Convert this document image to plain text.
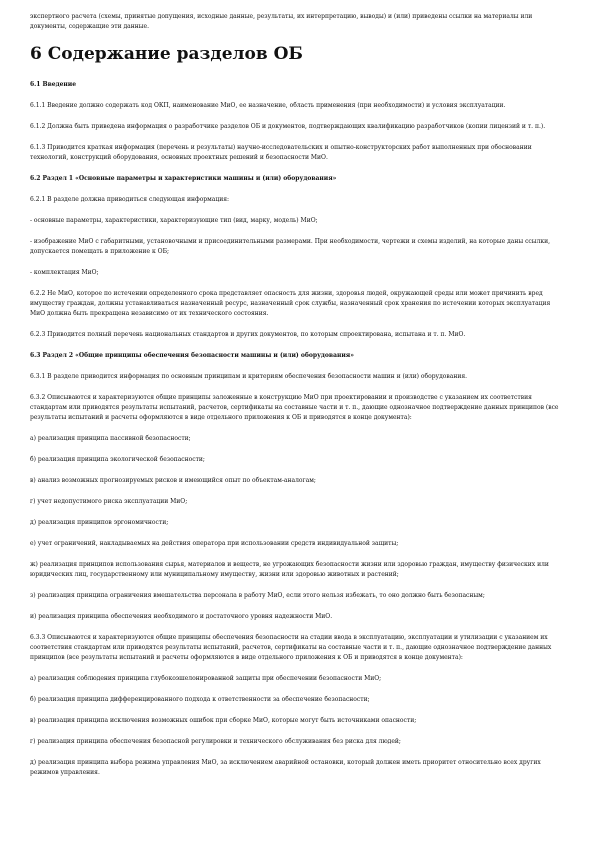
экспертного расчета (схемы, принятые допущения, исходные данные, результаты, их интерпретацию, выводы) и (или) приведены ссылки на материалы или документы, содержащие эти данные.

6 Содержание разделов ОБ

6.1 Введение

6.1.1 Введение должно содержать код ОКП, наименование МиО, ее назначение, область применения (при необходимости) и условия эксплуатации.

6.1.2 Должна быть приведена информация о разработчике разделов ОБ и документов, подтверждающих квалификацию разработчиков (копии лицензий и т. п.).

6.1.3 Приводится краткая информация (перечень и результаты) научно-исследовательских и опытно-конструкторских работ выполненных при обосновании технологий, конструкций оборудования, основных проектных решений и безопасности МиО.

6.2 Раздел 1 «Основные параметры и характеристики машины и (или) оборудования»

6.2.1 В разделе должна приводиться следующая информация:

- основные параметры, характеристики, характеризующие тип (вид, марку, модель) МиО;

- изображение МиО с габаритными, установочными и присоединительными размерами. При необходимости, чертежи и схемы изделий, на которые даны ссылки, допускается помещать в приложение к ОБ;

- комплектация МиО;

6.2.2 Не МиО, которое по истечении определенного срока представляет опасность для жизни, здоровья людей, окружающей среды или может причинить вред имуществу граждан, должны устанавливаться назначенный ресурс, назначенный срок службы, назначенный срок хранения по истечении которых эксплуатация МиО должна быть прекращена независимо от их технического состояния.

6.2.3 Приводится полный перечень национальных стандартов и других документов, по которым спроектирована, испытана и т. п. МиО.

6.3 Раздел 2 «Общие принципы обеспечения безопасности машины и (или) оборудования»

6.3.1 В разделе приводится информация по основным принципам и критериям обеспечения безопасности машин и (или) оборудования.

6.3.2 Описываются и характеризуются общие принципы заложенные в конструкцию МиО при проектировании и производстве с указанием их соответствия стандартам или приводятся результаты испытаний, расчетов, сертификаты на составные части и т. п., дающие однозначное подтверждение данных принципов (все результаты испытаний и расчеты оформляются в виде отдельного приложения к ОБ и приводятся в конце документа):

а) реализация принципа пассивной безопасности;

б) реализация принципа экологической безопасности;

в) анализ возможных прогнозируемых рисков и имеющийся опыт по объектам-аналогам;

г) учет недопустимого риска эксплуатации МиО;

д) реализация принципов эргономичности;

е) учет ограничений, накладываемых на действия оператора при использовании средств индивидуальной защиты;

ж) реализация принципов использования сырья, материалов и веществ, не угрожающих безопасности жизни или здоровью граждан, имуществу физических или юридических лиц, государственному или муниципальному имуществу, жизни или здоровью животных и растений;

з) реализация принципа ограничения вмешательства персонала в работу МиО, если этого нельзя избежать, то оно должно быть безопасным;

и) реализация принципа обеспечения необходимого и достаточного уровня надежности МиО.

6.3.3 Описываются и характеризуются общие принципы обеспечения безопасности на стадии ввода в эксплуатацию, эксплуатации и утилизации с указанием их соответствия стандартам или приводятся результаты испытаний, расчетов, сертификаты на составные части и т. п., дающие однозначное подтверждение данных принципов (все результаты испытаний и расчеты оформляются в виде отдельного приложения к ОБ и приводятся в конце документа):

а) реализация соблюдения принципа глубокоэшелонированной защиты при обеспечении безопасности МиО;

б) реализация принципа дифференцированного подхода к ответственности за обеспечение безопасности;

в) реализация принципа исключения возможных ошибок при сборке МиО, которые могут быть источниками опасности;

г) реализация принципа обеспечения безопасной регулировки и технического обслуживания без риска для людей;

д) реализация принципа выбора режима управления МиО, за исключением аварийной остановки, который должен иметь приоритет относительно всех других режимов управления.
